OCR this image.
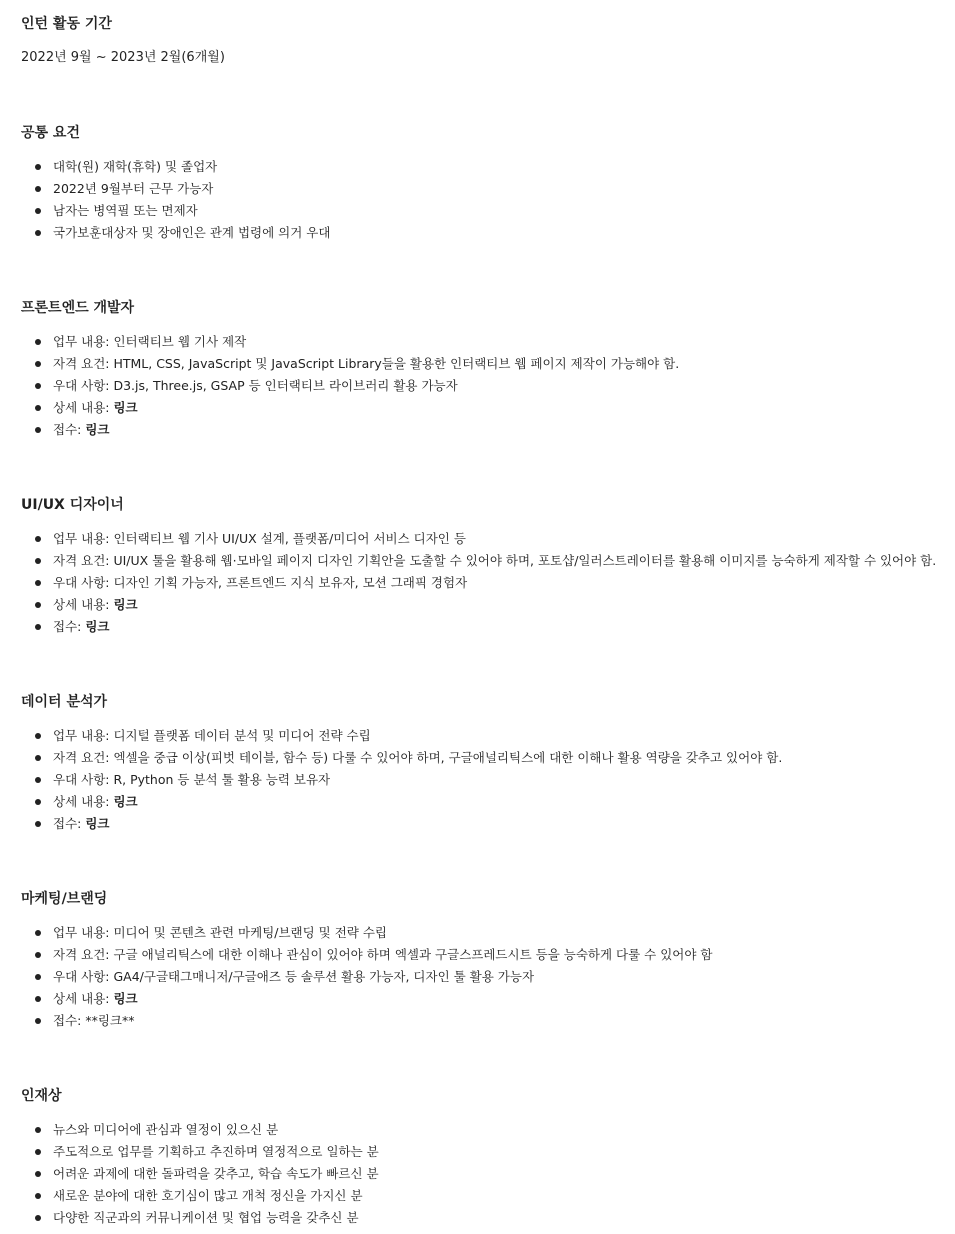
인턴 활동 기간

2022년 9월 ~ 2023년 2월(6개월)

공통 요건
대학(원) 재학(휴학) 및 졸업자
2022년 9월부터 근무 가능자
남자는 병역필 또는 면제자
국가보훈대상자 및 장애인은 관계 법령에 의거 우대
프론트엔드 개발자
업무 내용: 인터랙티브 웹 기사 제작
자격 요건: HTML, CSS, JavaScript 및 JavaScript Library들을 활용한 인터랙티브 웹 페이지 제작이 가능해야 함.
우대 사항: D3.js, Three.js, GSAP 등 인터랙티브 라이브러리 활용 가능자
상세 내용: 링크
접수: 링크
UI/UX 디자이너
업무 내용: 인터랙티브 웹 기사 UI/UX 설계, 플랫폼/미디어 서비스 디자인 등
자격 요건: UI/UX 툴을 활용해 웹·모바일 페이지 디자인 기획안을 도출할 수 있어야 하며, 포토샵/일러스트레이터를 활용해 이미지를 능숙하게 제작할 수 있어야 함.
우대 사항: 디자인 기획 가능자, 프론트엔드 지식 보유자, 모션 그래픽 경험자
상세 내용: 링크
접수: 링크
데이터 분석가
업무 내용: 디지털 플랫폼 데이터 분석 및 미디어 전략 수립
자격 요건: 엑셀을 중급 이상(피벗 테이블, 함수 등) 다룰 수 있어야 하며, 구글애널리틱스에 대한 이해나 활용 역량을 갖추고 있어야 함.
우대 사항: R, Python 등 분석 툴 활용 능력 보유자
상세 내용: 링크
접수: 링크
마케팅/브랜딩
업무 내용: 미디어 및 콘텐츠 관련 마케팅/브랜딩 및 전략 수립
자격 요건: 구글 애널리틱스에 대한 이해나 관심이 있어야 하며 엑셀과 구글스프레드시트 등을 능숙하게 다룰 수 있어야 함
우대 사항: GA4/구글태그매니저/구글애즈 등 솔루션 활용 가능자, 디자인 툴 활용 가능자
상세 내용: 링크
접수: **링크**
인재상
뉴스와 미디어에 관심과 열정이 있으신 분
주도적으로 업무를 기획하고 추진하며 열정적으로 일하는 분
어려운 과제에 대한 돌파력을 갖추고, 학습 속도가 빠르신 분
새로운 분야에 대한 호기심이 많고 개척 정신을 가지신 분
다양한 직군과의 커뮤니케이션 및 협업 능력을 갖추신 분
